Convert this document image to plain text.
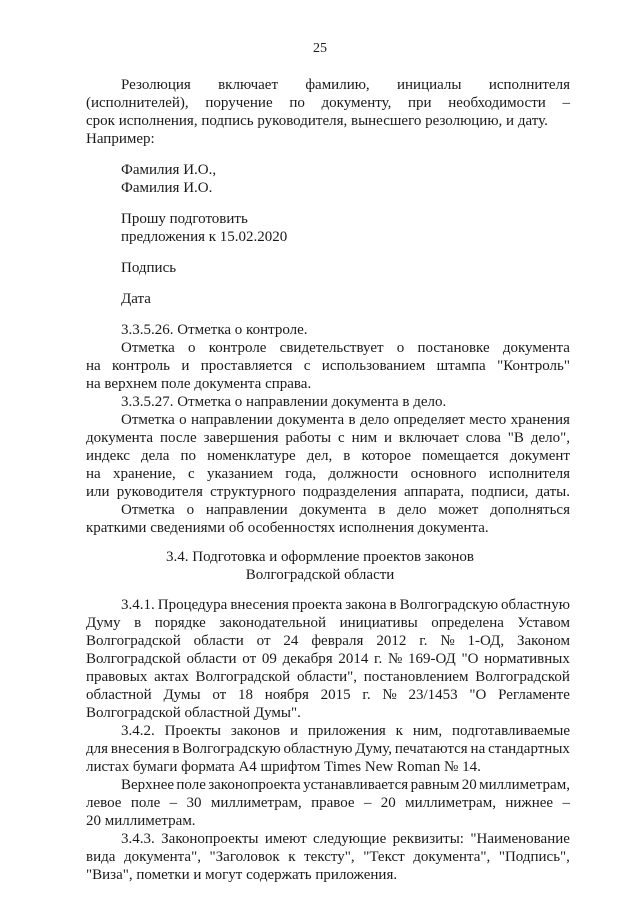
25
Резолюция включает фамилию, инициалы исполнителя
(исполнителей), поручение по документу, при необходимости –
срок исполнения, подпись руководителя, вынесшего резолюцию, и дату.
Например:
Фамилия И.О.,
Фамилия И.О.
Прошу подготовить
предложения к 15.02.2020
Подпись
Дата
3.3.5.26. Отметка о контроле.
Отметка о контроле свидетельствует о постановке документа
на контроль и проставляется с использованием штампа "Контроль"
на верхнем поле документа справа.
3.3.5.27. Отметка о направлении документа в дело.
Отметка о направлении документа в дело определяет место хранения
документа после завершения работы с ним и включает слова "В дело",
индекс дела по номенклатуре дел, в которое помещается документ
на хранение, с указанием года, должности основного исполнителя
или руководителя структурного подразделения аппарата, подписи, даты.
Отметка о направлении документа в дело может дополняться
краткими сведениями об особенностях исполнения документа.
3.4. Подготовка и оформление проектов законов
Волгоградской области
3.4.1. Процедура внесения проекта закона в Волгоградскую областную
Думу в порядке законодательной инициативы определена Уставом
Волгоградской области от 24 февраля 2012 г. № 1-ОД, Законом
Волгоградской области от 09 декабря 2014 г. № 169-ОД "О нормативных
правовых актах Волгоградской области", постановлением Волгоградской
областной Думы от 18 ноября 2015 г. № 23/1453 "О Регламенте
Волгоградской областной Думы".
3.4.2. Проекты законов и приложения к ним, подготавливаемые
для внесения в Волгоградскую областную Думу, печатаются на стандартных
листах бумаги формата А4 шрифтом Times New Roman № 14.
Верхнее поле законопроекта устанавливается равным 20 миллиметрам,
левое поле – 30 миллиметрам, правое – 20 миллиметрам, нижнее –
20 миллиметрам.
3.4.3. Законопроекты имеют следующие реквизиты: "Наименование
вида документа", "Заголовок к тексту", "Текст документа", "Подпись",
"Виза", пометки и могут содержать приложения.
